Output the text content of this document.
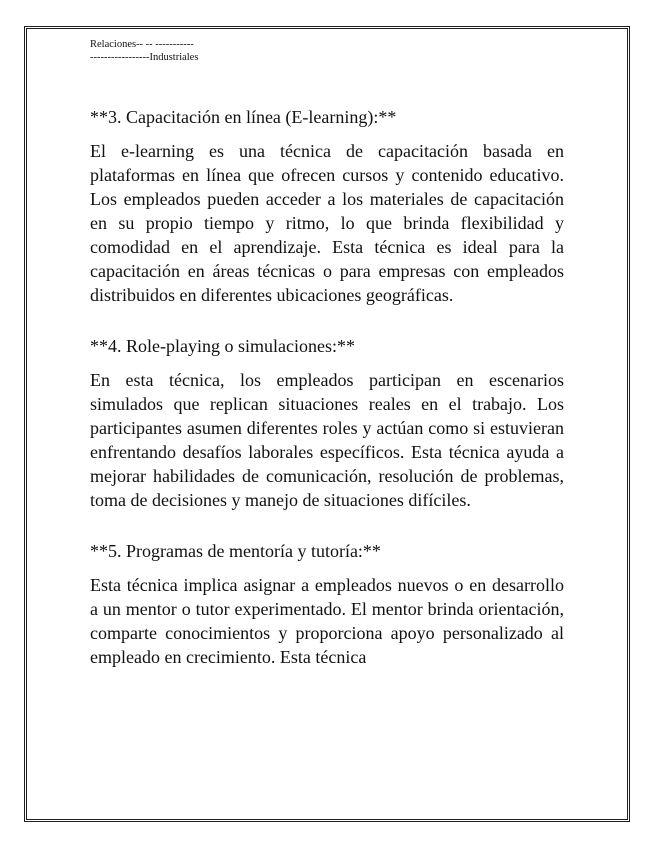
Relaciones-- -- -----------
-----------------Industriales

**3. Capacitación en línea (E-learning):**

El e-learning es una técnica de capacitación basada en plataformas en línea que ofrecen cursos y contenido educativo. Los empleados pueden acceder a los materiales de capacitación en su propio tiempo y ritmo, lo que brinda flexibilidad y comodidad en el aprendizaje. Esta técnica es ideal para la capacitación en áreas técnicas o para empresas con empleados distribuidos en diferentes ubicaciones geográficas.

**4. Role-playing o simulaciones:**

En esta técnica, los empleados participan en escenarios simulados que replican situaciones reales en el trabajo. Los participantes asumen diferentes roles y actúan como si estuvieran enfrentando desafíos laborales específicos. Esta técnica ayuda a mejorar habilidades de comunicación, resolución de problemas, toma de decisiones y manejo de situaciones difíciles.

**5. Programas de mentoría y tutoría:**

Esta técnica implica asignar a empleados nuevos o en desarrollo a un mentor o tutor experimentado. El mentor brinda orientación, comparte conocimientos y proporciona apoyo personalizado al empleado en crecimiento. Esta técnica
